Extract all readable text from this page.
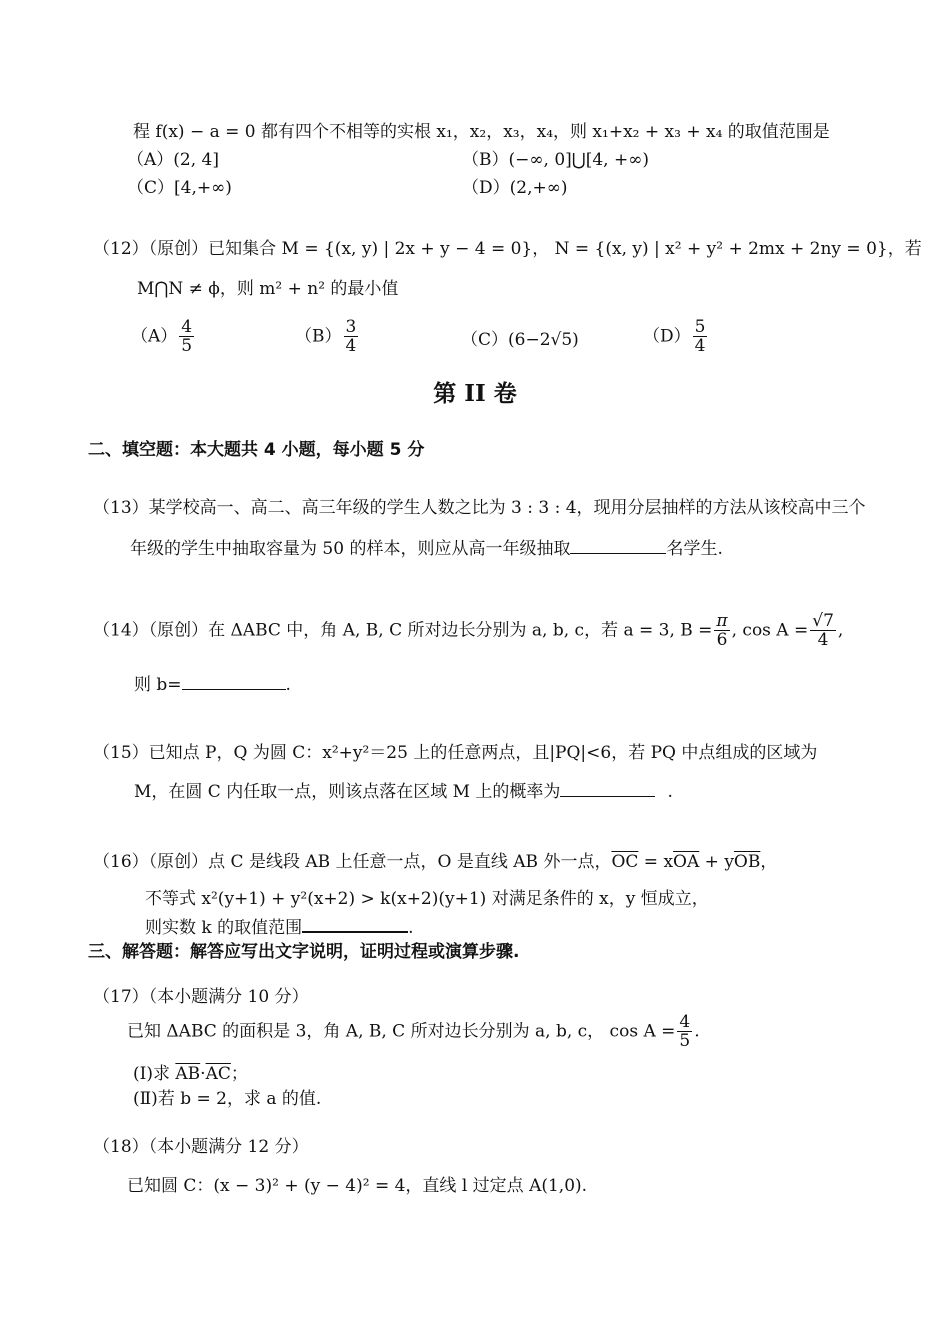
程 f(x) − a = 0 都有四个不相等的实根 x₁，x₂，x₃，x₄，则 x₁+x₂ + x₃ + x₄ 的取值范围是
（A）(2, 4]	（B）(−∞, 0]⋃[4, +∞)
（C）[4,+∞)	（D）(2,+∞)
（12）（原创）已知集合 M = {(x, y) | 2x + y − 4 = 0}， N = {(x, y) | x² + y² + 2mx + 2ny = 0}，若
M⋂N ≠ ϕ，则 m² + n² 的最小值
$(A) \frac{4}{5}$	$(B) \frac{3}{4}$	（C）(6−2√5)	$(D) \frac{5}{4}$
第 II 卷
二、填空题：本大题共 4 小题，每小题 5 分
（13）某学校高一、高二、高三年级的学生人数之比为 3 : 3 : 4，现用分层抽样的方法从该校高中三个
年级的学生中抽取容量为 50 的样本，则应从高一年级抽取	名学生.
（14）（原创）在 ΔABC 中，角 A, B, C 所对边长分别为 a, b, c，若 a = 3, $B = \frac{\pi}{6}$ , $\cos A = \frac{√7}{4}$ ,
则 b=	.
（15）已知点 P，Q 为圆 C：x²+y²＝25 上的任意两点，且|PQ|<6，若 PQ 中点组成的区域为
M，在圆 C 内任取一点，则该点落在区域 M 上的概率为	.
（16）（原创）点 C 是线段 AB 上任意一点，O 是直线 AB 外一点，$\overline{OC} = x\overline{OA} + y\overline{OB}$，
不等式 x²(y+1) + y²(x+2) > k(x+2)(y+1) 对满足条件的 x，y 恒成立，
则实数 k 的取值范围	.
三、解答题：解答应写出文字说明，证明过程或演算步骤.
（17）（本小题满分 10 分）
已知 ΔABC 的面积是 3，角 A, B, C 所对边长分别为 a, b, c， $\cos A = \frac{4}{5}$ .
(Ⅰ)求 $\overline{AB}\cdot\overline{AC}$；
(Ⅱ)若 b = 2，求 a 的值.
（18）（本小题满分 12 分）
已知圆 C：(x − 3)² + (y − 4)² = 4，直线 l 过定点 A(1,0).
